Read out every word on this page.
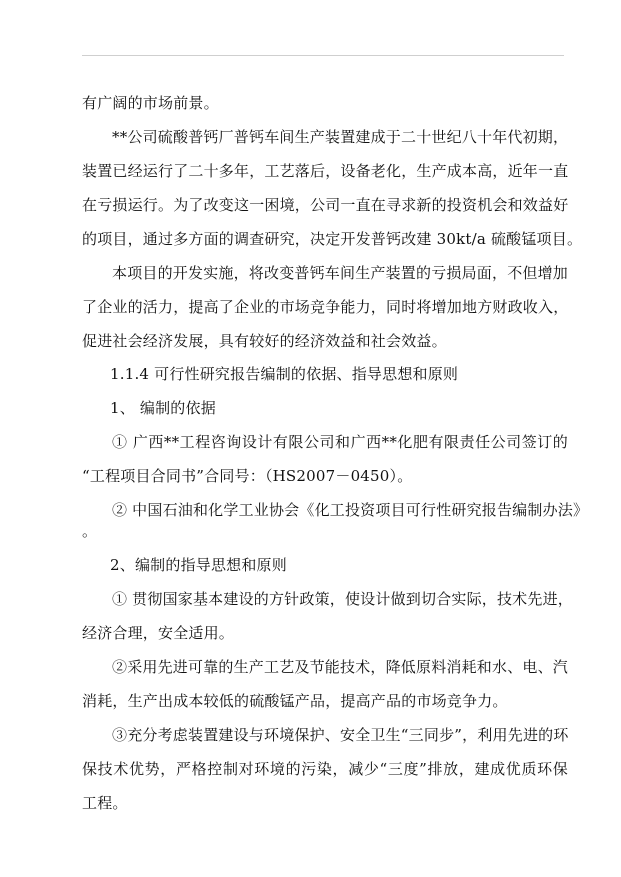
有广阔的市场前景。
**公司硫酸普钙厂普钙车间生产装置建成于二十世纪八十年代初期，
装置已经运行了二十多年，工艺落后，设备老化，生产成本高，近年一直
在亏损运行。为了改变这一困境，公司一直在寻求新的投资机会和效益好
的项目，通过多方面的调查研究，决定开发普钙改建 30kt/a 硫酸锰项目。
本项目的开发实施，将改变普钙车间生产装置的亏损局面，不但增加
了企业的活力，提高了企业的市场竞争能力，同时将增加地方财政收入，
促进社会经济发展，具有较好的经济效益和社会效益。
1.1.4 可行性研究报告编制的依据、指导思想和原则
1、 编制的依据
① 广西**工程咨询设计有限公司和广西**化肥有限责任公司签订的
“工程项目合同书”合同号：（HS2007－0450）。
② 中国石油和化学工业协会《化工投资项目可行性研究报告编制办法》
。
2、编制的指导思想和原则
① 贯彻国家基本建设的方针政策，使设计做到切合实际，技术先进，
经济合理，安全适用。
②采用先进可靠的生产工艺及节能技术，降低原料消耗和水、电、汽
消耗，生产出成本较低的硫酸锰产品，提高产品的市场竞争力。
③充分考虑装置建设与环境保护、安全卫生“三同步”，利用先进的环
保技术优势，严格控制对环境的污染，减少“三度”排放，建成优质环保
工程。
